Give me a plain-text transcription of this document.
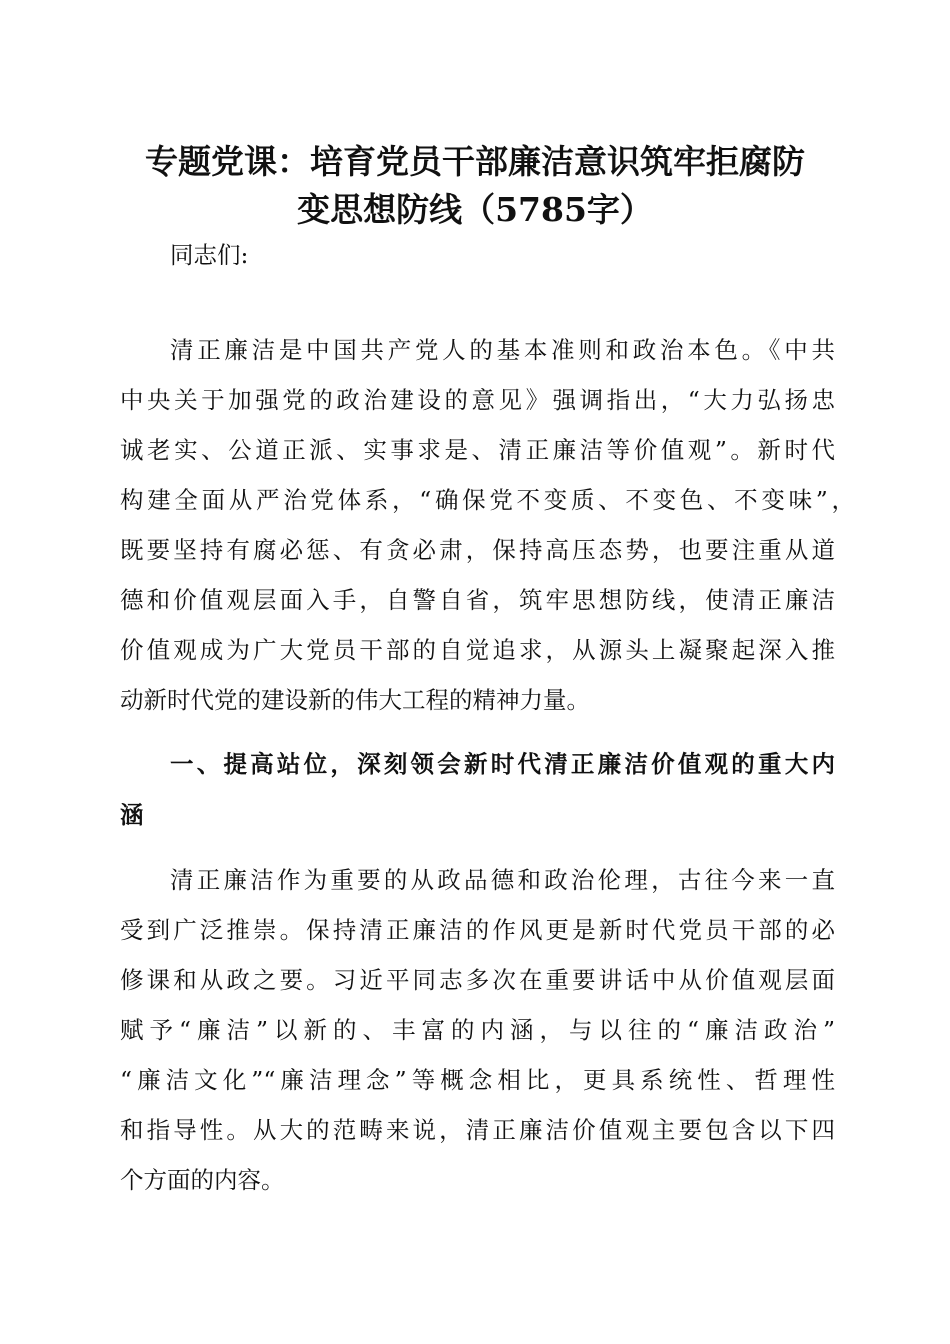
专题党课：培育党员干部廉洁意识筑牢拒腐防
变思想防线（5785字）
同志们:
清正廉洁是中国共产党人的基本准则和政治本色。《中共
中央关于加强党的政治建设的意见》强调指出，“大力弘扬忠
诚老实、公道正派、实事求是、清正廉洁等价值观”。新时代
构建全面从严治党体系，“确保党不变质、不变色、不变味”，
既要坚持有腐必惩、有贪必肃，保持高压态势，也要注重从道
德和价值观层面入手，自警自省，筑牢思想防线，使清正廉洁
价值观成为广大党员干部的自觉追求，从源头上凝聚起深入推
动新时代党的建设新的伟大工程的精神力量。
一、提高站位，深刻领会新时代清正廉洁价值观的重大内
涵
清正廉洁作为重要的从政品德和政治伦理，古往今来一直
受到广泛推崇。保持清正廉洁的作风更是新时代党员干部的必
修课和从政之要。习近平同志多次在重要讲话中从价值观层面
赋予“廉洁”以新的、丰富的内涵，与以往的“廉洁政治”
“廉洁文化”“廉洁理念”等概念相比，更具系统性、哲理性
和指导性。从大的范畴来说，清正廉洁价值观主要包含以下四
个方面的内容。
